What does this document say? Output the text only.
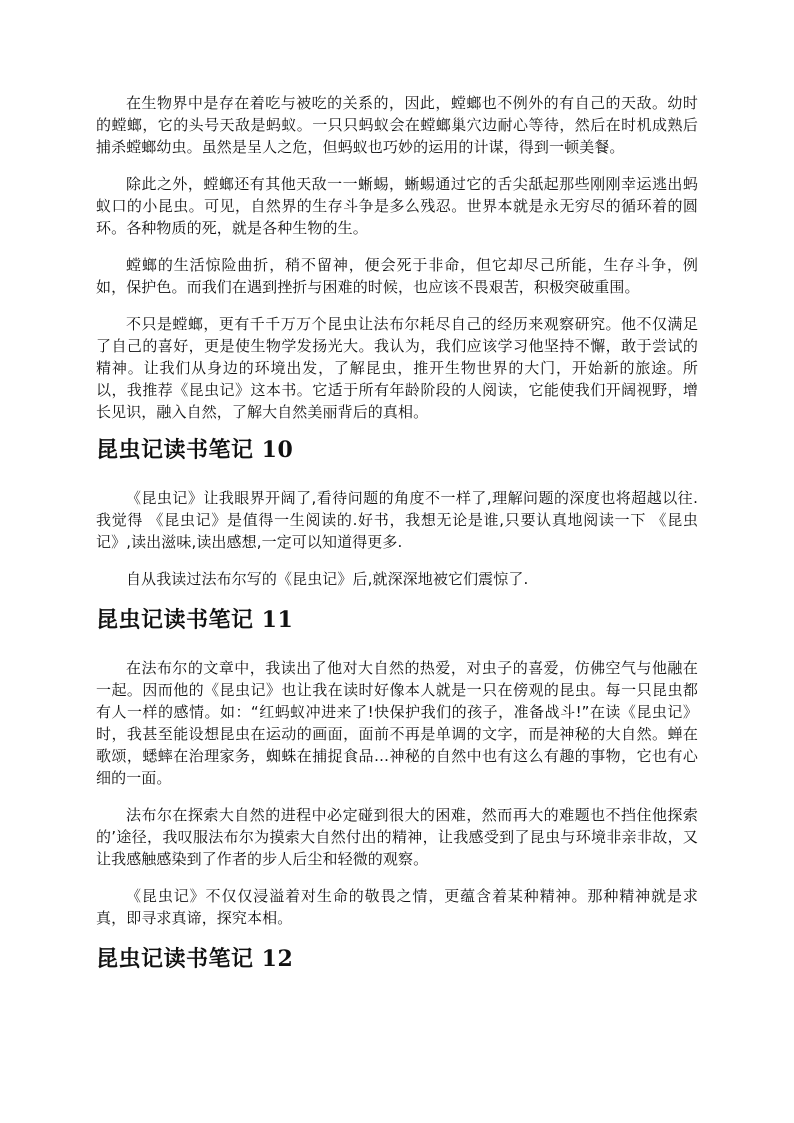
在生物界中是存在着吃与被吃的关系的，因此，螳螂也不例外的有自己的天敌。幼时的螳螂，它的头号天敌是蚂蚁。一只只蚂蚁会在螳螂巢穴边耐心等待，然后在时机成熟后捕杀螳螂幼虫。虽然是呈人之危，但蚂蚁也巧妙的运用的计谋，得到一顿美餐。

除此之外，螳螂还有其他天敌一一蜥蜴，蜥蜴通过它的舌尖舐起那些刚刚幸运逃出蚂蚁口的小昆虫。可见，自然界的生存斗争是多么残忍。世界本就是永无穷尽的循环着的圆环。各种物质的死，就是各种生物的生。

螳螂的生活惊险曲折，稍不留神，便会死于非命，但它却尽己所能，生存斗争，例如，保护色。而我们在遇到挫折与困难的时候，也应该不畏艰苦，积极突破重围。

不只是螳螂，更有千千万万个昆虫让法布尔耗尽自己的经历来观察研究。他不仅满足了自己的喜好，更是使生物学发扬光大。我认为，我们应该学习他坚持不懈，敢于尝试的精神。让我们从身边的环境出发，了解昆虫，推开生物世界的大门，开始新的旅途。所以，我推荐《昆虫记》这本书。它适于所有年龄阶段的人阅读，它能使我们开阔视野，增长见识，融入自然，了解大自然美丽背后的真相。

昆虫记读书笔记 10

《昆虫记》让我眼界开阔了,看待问题的角度不一样了,理解问题的深度也将超越以往.我觉得 《昆虫记》是值得一生阅读的.好书，我想无论是谁,只要认真地阅读一下 《昆虫记》,读出滋味,读出感想,一定可以知道得更多.

自从我读过法布尔写的《昆虫记》后,就深深地被它们震惊了.

昆虫记读书笔记 11

在法布尔的文章中，我读出了他对大自然的热爱，对虫子的喜爱，仿佛空气与他融在一起。因而他的《昆虫记》也让我在读时好像本人就是一只在傍观的昆虫。每一只昆虫都有人一样的感情。如：“红蚂蚁冲进来了!快保护我们的孩子，准备战斗!”在读《昆虫记》时，我甚至能设想昆虫在运动的画面，面前不再是单调的文字，而是神秘的大自然。蝉在歌颂，蟋蟀在治理家务，蜘蛛在捕捉食品…神秘的自然中也有这么有趣的事物，它也有心细的一面。

法布尔在探索大自然的进程中必定碰到很大的困难，然而再大的难题也不挡住他探索的’途径，我叹服法布尔为摸索大自然付出的精神，让我感受到了昆虫与环境非亲非故，又让我感触感染到了作者的步人后尘和轻微的观察。

《昆虫记》不仅仅浸溢着对生命的敬畏之情，更蕴含着某种精神。那种精神就是求真，即寻求真谛，探究本相。

昆虫记读书笔记 12
